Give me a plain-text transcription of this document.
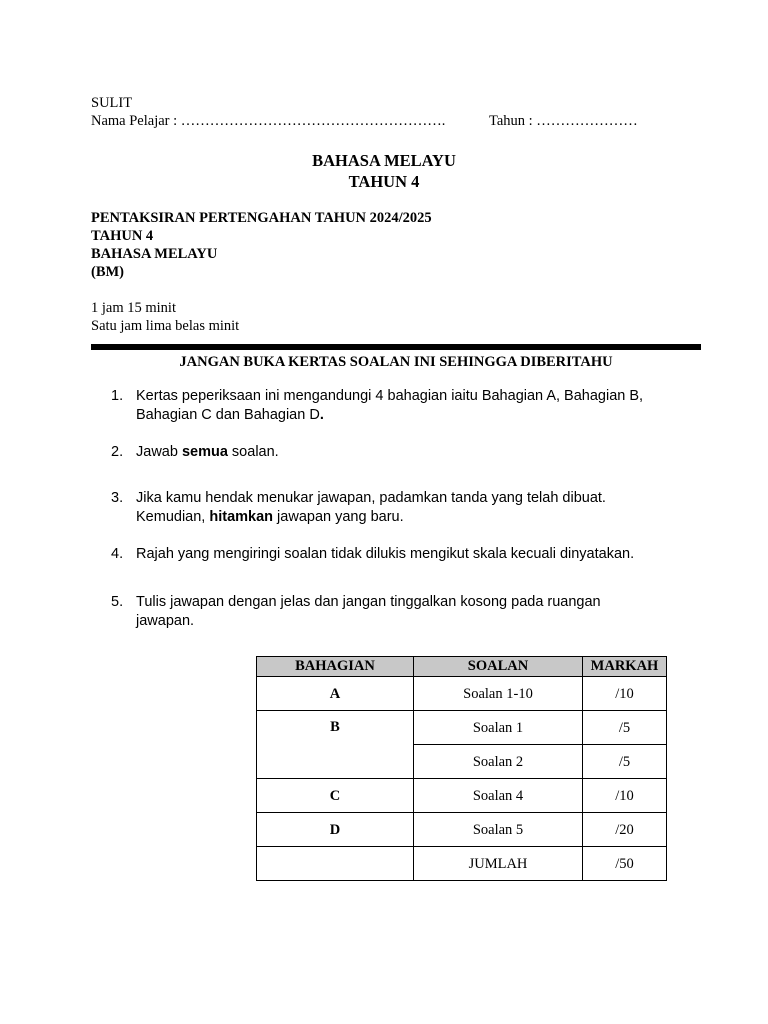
SULIT
Nama Pelajar : ……………………………………………….	Tahun : …………………
BAHASA MELAYU
TAHUN 4
PENTAKSIRAN PERTENGAHAN TAHUN 2024/2025
TAHUN 4
BAHASA MELAYU
(BM)
1 jam 15 minit
Satu jam lima belas minit
JANGAN BUKA KERTAS SOALAN INI SEHINGGA DIBERITAHU
1. Kertas peperiksaan ini mengandungi 4 bahagian iaitu Bahagian A, Bahagian B,
Bahagian C dan Bahagian D.
2. Jawab semua soalan.
3. Jika kamu hendak menukar jawapan, padamkan tanda yang telah dibuat.
Kemudian, hitamkan jawapan yang baru.
4. Rajah yang mengiringi soalan tidak dilukis mengikut skala kecuali dinyatakan.
5. Tulis jawapan dengan jelas dan jangan tinggalkan kosong pada ruangan
jawapan.
BAHAGIAN	SOALAN	MARKAH
A	Soalan 1-10	/10
B	Soalan 1	/5
	Soalan 2	/5
C	Soalan 4	/10
D	Soalan 5	/20
	JUMLAH	/50
